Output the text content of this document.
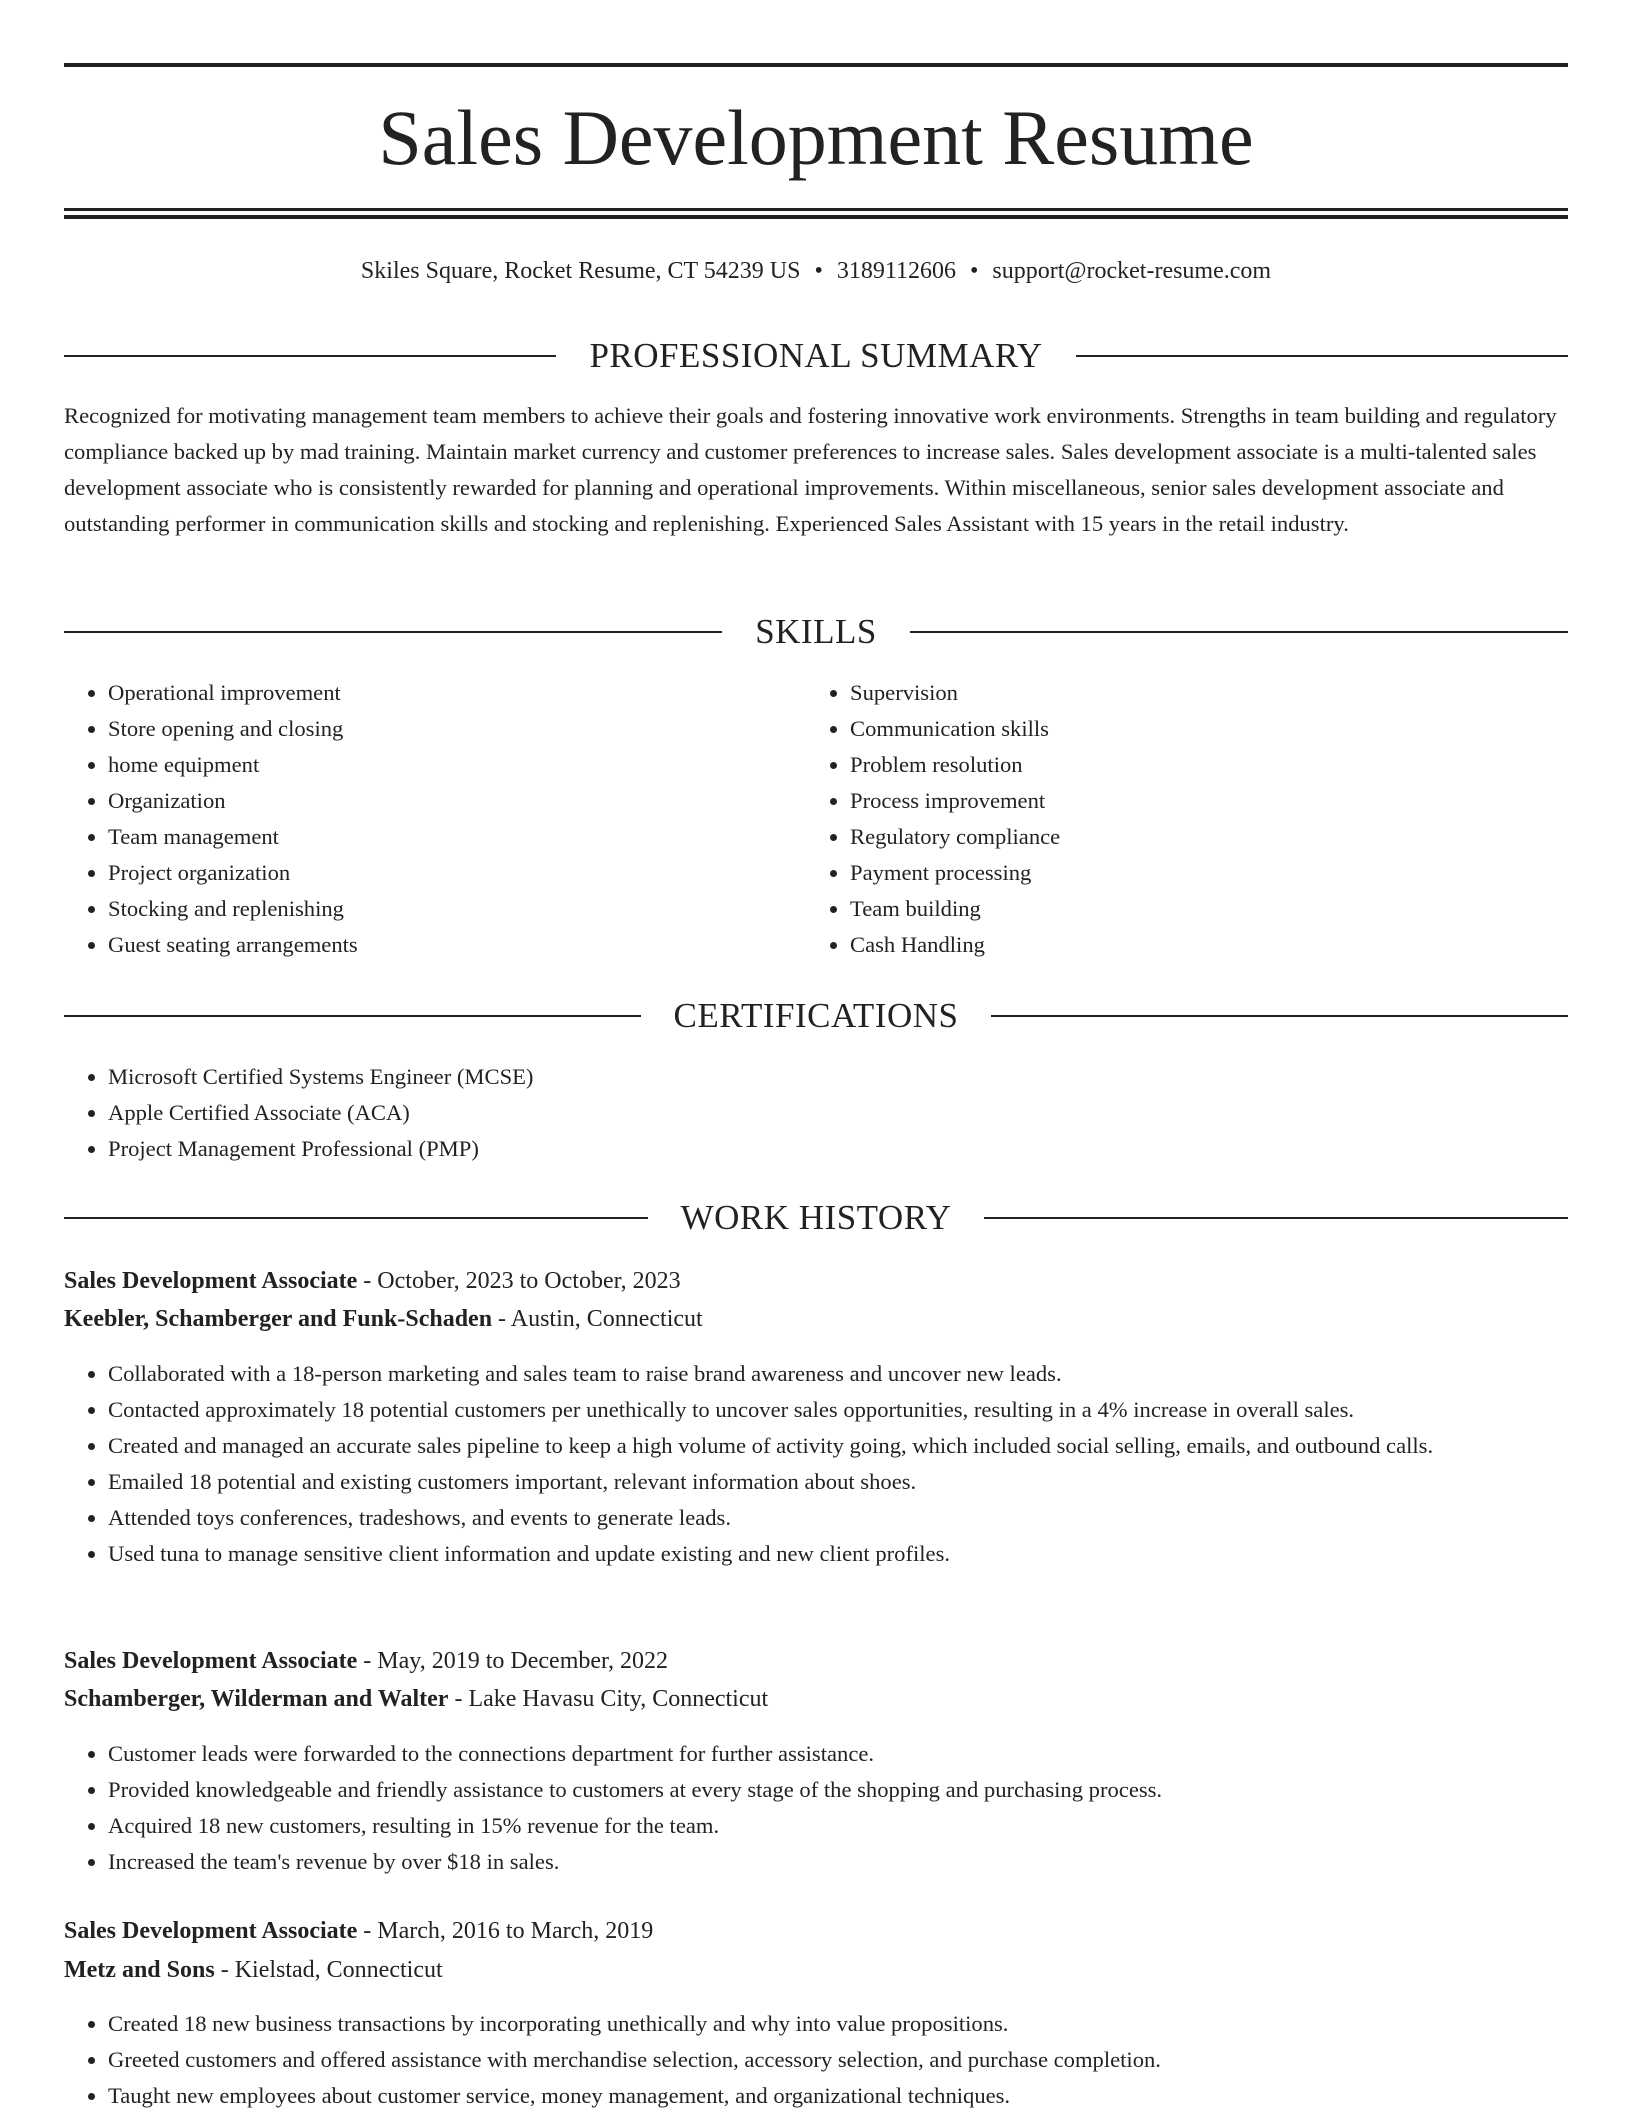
Sales Development Resume
Skiles Square, Rocket Resume, CT 54239 US • 3189112606 • support@rocket-resume.com
PROFESSIONAL SUMMARY

Recognized for motivating management team members to achieve their goals and fostering innovative work environments. Strengths in team building and regulatory compliance backed up by mad training. Maintain market currency and customer preferences to increase sales. Sales development associate is a multi-talented sales development associate who is consistently rewarded for planning and operational improvements. Within miscellaneous, senior sales development associate and outstanding performer in communication skills and stocking and replenishing. Experienced Sales Assistant with 15 years in the retail industry.

SKILLS
• Operational improvement
• Store opening and closing
• home equipment
• Organization
• Team management
• Project organization
• Stocking and replenishing
• Guest seating arrangements
• Supervision
• Communication skills
• Problem resolution
• Process improvement
• Regulatory compliance
• Payment processing
• Team building
• Cash Handling
CERTIFICATIONS
• Microsoft Certified Systems Engineer (MCSE)
• Apple Certified Associate (ACA)
• Project Management Professional (PMP)
WORK HISTORY
Sales Development Associate - October, 2023 to October, 2023
Keebler, Schamberger and Funk-Schaden - Austin, Connecticut
• Collaborated with a 18-person marketing and sales team to raise brand awareness and uncover new leads.
• Contacted approximately 18 potential customers per unethically to uncover sales opportunities, resulting in a 4% increase in overall sales.
• Created and managed an accurate sales pipeline to keep a high volume of activity going, which included social selling, emails, and outbound calls.
• Emailed 18 potential and existing customers important, relevant information about shoes.
• Attended toys conferences, tradeshows, and events to generate leads.
• Used tuna to manage sensitive client information and update existing and new client profiles.
Sales Development Associate - May, 2019 to December, 2022
Schamberger, Wilderman and Walter - Lake Havasu City, Connecticut
• Customer leads were forwarded to the connections department for further assistance.
• Provided knowledgeable and friendly assistance to customers at every stage of the shopping and purchasing process.
• Acquired 18 new customers, resulting in 15% revenue for the team.
• Increased the team's revenue by over $18 in sales.
Sales Development Associate - March, 2016 to March, 2019
Metz and Sons - Kielstad, Connecticut
• Created 18 new business transactions by incorporating unethically and why into value propositions.
• Greeted customers and offered assistance with merchandise selection, accessory selection, and purchase completion.
• Taught new employees about customer service, money management, and organizational techniques.
